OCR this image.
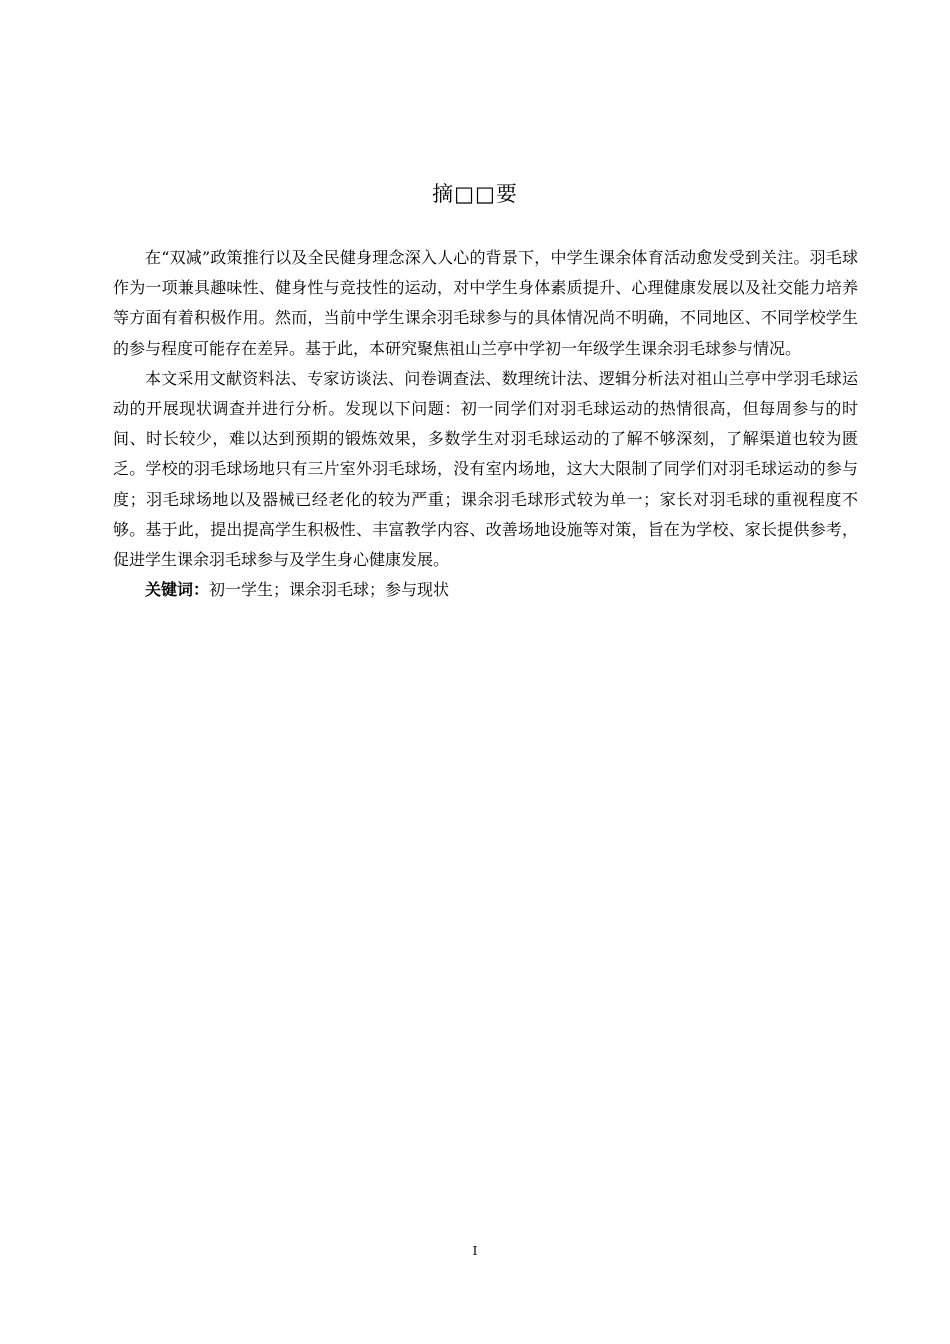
摘□□要

在“双减”政策推行以及全民健身理念深入人心的背景下，中学生课余体育活动愈发受到关注。羽毛球作为一项兼具趣味性、健身性与竞技性的运动，对中学生身体素质提升、心理健康发展以及社交能力培养等方面有着积极作用。然而，当前中学生课余羽毛球参与的具体情况尚不明确，不同地区、不同学校学生的参与程度可能存在差异。基于此，本研究聚焦祖山兰亭中学初一年级学生课余羽毛球参与情况。

本文采用文献资料法、专家访谈法、问卷调查法、数理统计法、逻辑分析法对祖山兰亭中学羽毛球运动的开展现状调查并进行分析。发现以下问题：初一同学们对羽毛球运动的热情很高，但每周参与的时间、时长较少，难以达到预期的锻炼效果，多数学生对羽毛球运动的了解不够深刻，了解渠道也较为匮乏。学校的羽毛球场地只有三片室外羽毛球场，没有室内场地，这大大限制了同学们对羽毛球运动的参与度；羽毛球场地以及器械已经老化的较为严重；课余羽毛球形式较为单一；家长对羽毛球的重视程度不够。基于此，提出提高学生积极性、丰富教学内容、改善场地设施等对策，旨在为学校、家长提供参考，促进学生课余羽毛球参与及学生身心健康发展。

关键词：初一学生；课余羽毛球；参与现状

I
